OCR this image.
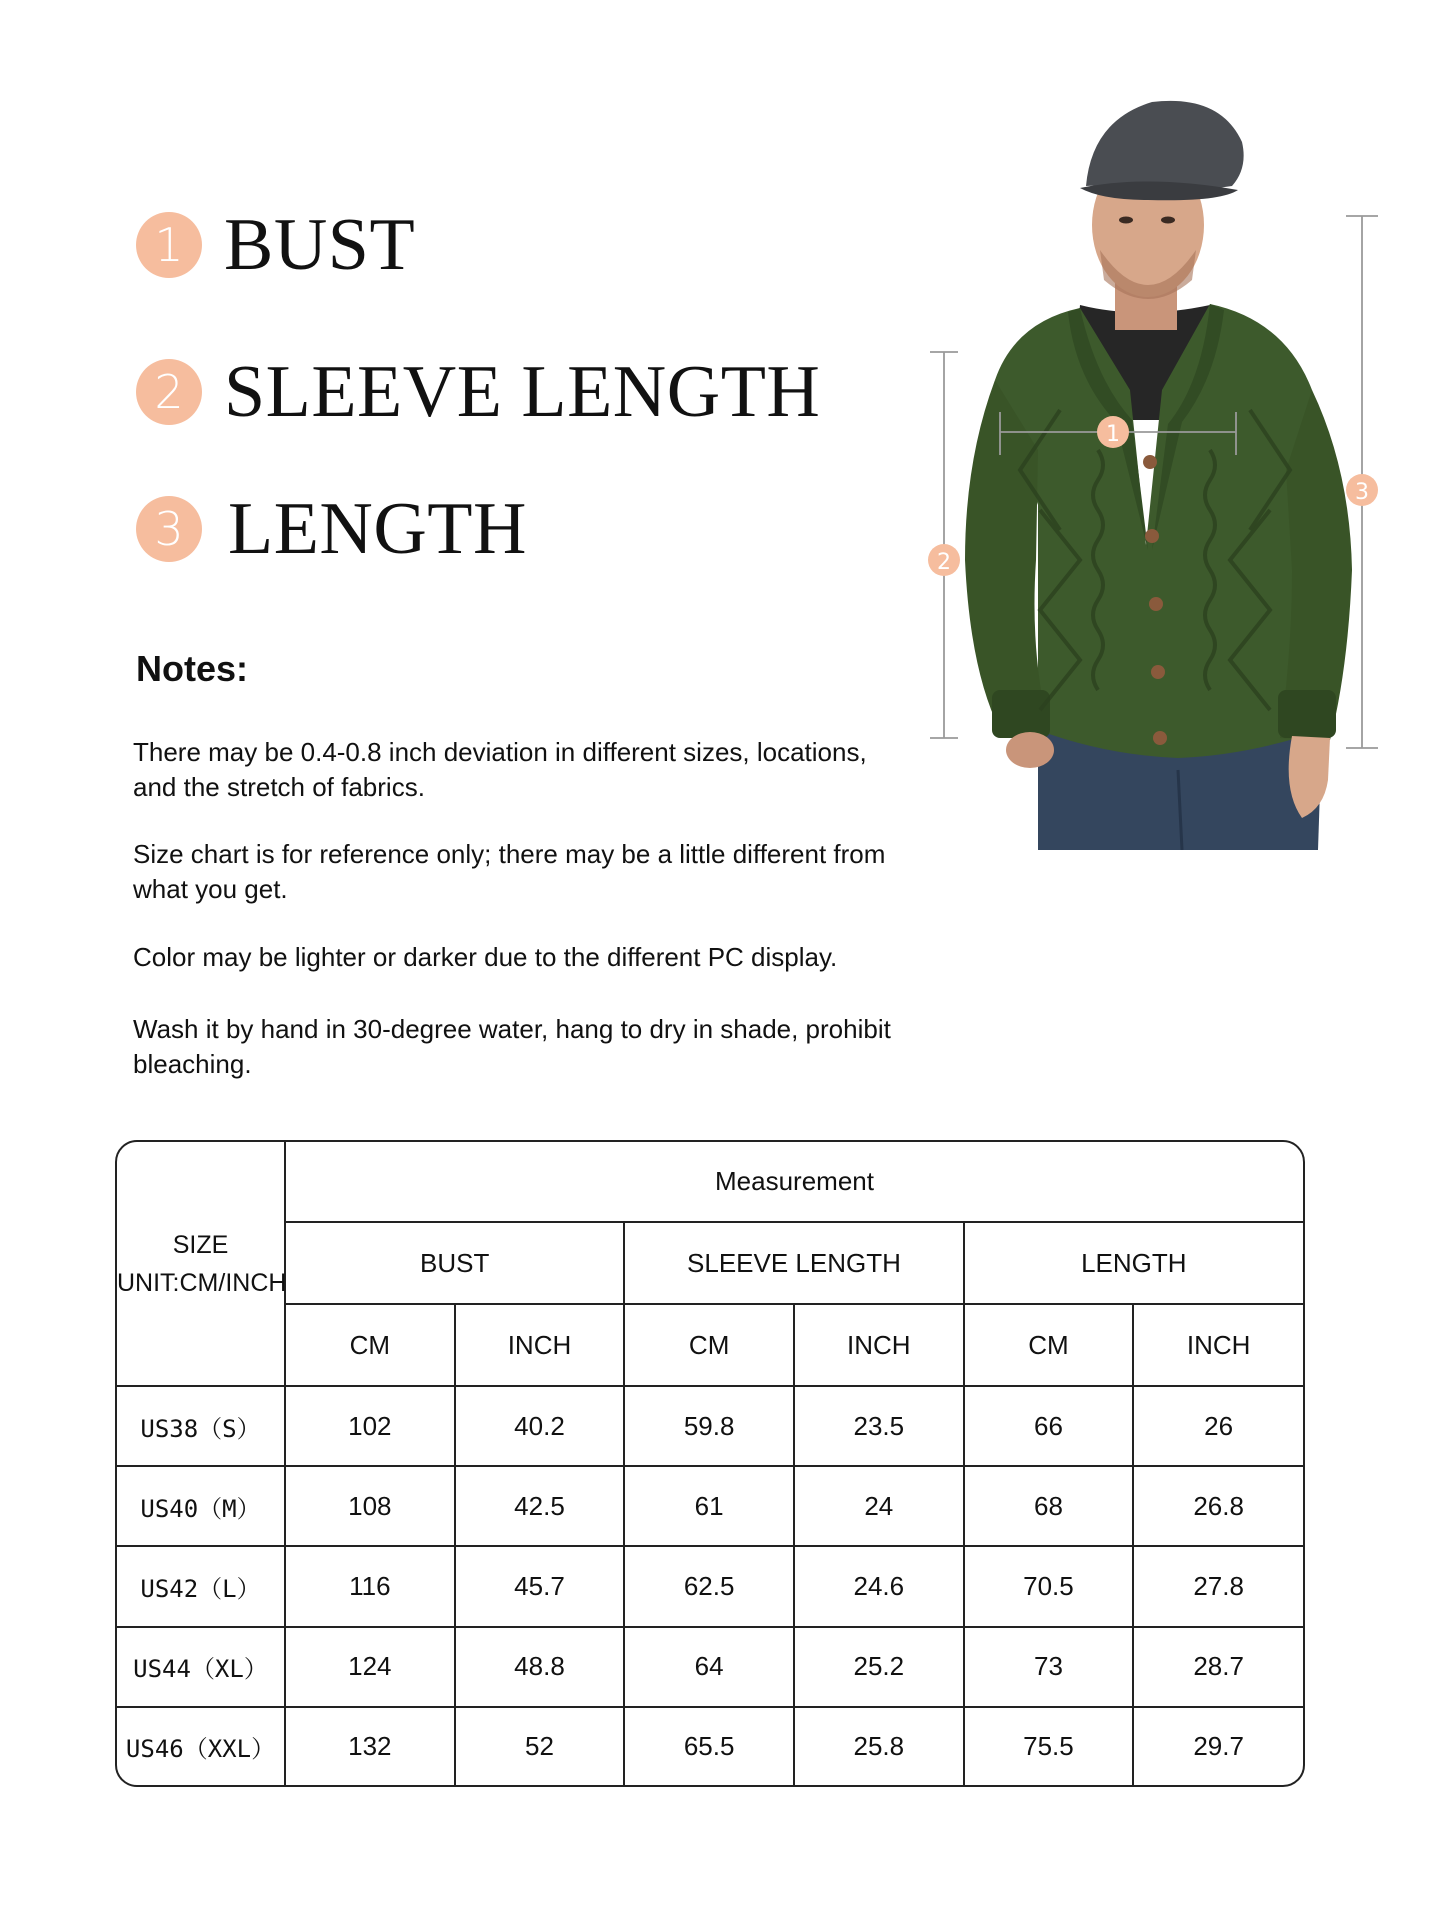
1 BUST
2 SLEEVE LENGTH
3 LENGTH
Notes:

There may be 0.4-0.8 inch deviation in different sizes, locations, and the stretch of fabrics.

Size chart is for reference only; there may be a little different from what you get.

Color may be lighter or darker due to the different PC display.

Wash it by hand in 30-degree water, hang to dry in shade, prohibit bleaching.

1
2
3
SIZE UNIT:CM/INCH	Measurement					
	BUST		SLEEVE LENGTH		LENGTH	
	CM	INCH	CM	INCH	CM	INCH
US38（S）	102	40.2	59.8	23.5	66	26
US40（M）	108	42.5	61	24	68	26.8
US42（L）	116	45.7	62.5	24.6	70.5	27.8
US44（XL）	124	48.8	64	25.2	73	28.7
US46（XXL）	132	52	65.5	25.8	75.5	29.7
